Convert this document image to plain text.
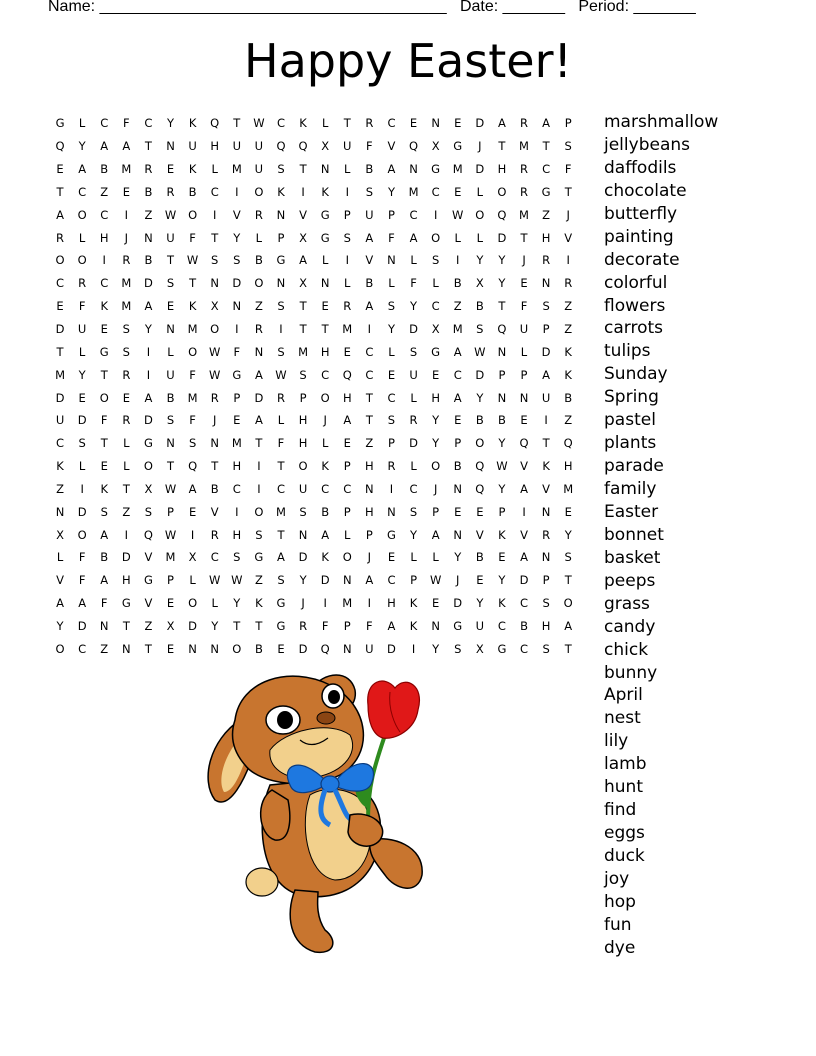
Name: _______________________________________ Date: _______ Period: _______
Happy Easter!
G	L	C	F	C	Y	K	Q	T	W	C	K	L	T	R	C	E	N	E	D	A	R	A	P
Q	Y	A	A	T	N	U	H	U	U	Q	Q	X	U	F	V	Q	X	G	J	T	M	T	S
E	A	B	M	R	E	K	L	M	U	S	T	N	L	B	A	N	G	M	D	H	R	C	F
T	C	Z	E	B	R	B	C	I	O	K	I	K	I	S	Y	M	C	E	L	O	R	G	T
A	O	C	I	Z	W	O	I	V	R	N	V	G	P	U	P	C	I	W	O	Q	M	Z	J
R	L	H	J	N	U	F	T	Y	L	P	X	G	S	A	F	A	O	L	L	D	T	H	V
O	O	I	R	B	T	W	S	S	B	G	A	L	I	V	N	L	S	I	Y	Y	J	R	I
C	R	C	M	D	S	T	N	D	O	N	X	N	L	B	L	F	L	B	X	Y	E	N	R
E	F	K	M	A	E	K	X	N	Z	S	T	E	R	A	S	Y	C	Z	B	T	F	S	Z
D	U	E	S	Y	N	M	O	I	R	I	T	T	M	I	Y	D	X	M	S	Q	U	P	Z
T	L	G	S	I	L	O	W	F	N	S	M	H	E	C	L	S	G	A	W	N	L	D	K
M	Y	T	R	I	U	F	W	G	A	W	S	C	Q	C	E	U	E	C	D	P	P	A	K
D	E	O	E	A	B	M	R	P	D	R	P	O	H	T	C	L	H	A	Y	N	N	U	B
U	D	F	R	D	S	F	J	E	A	L	H	J	A	T	S	R	Y	E	B	B	E	I	Z
C	S	T	L	G	N	S	N	M	T	F	H	L	E	Z	P	D	Y	P	O	Y	Q	T	Q
K	L	E	L	O	T	Q	T	H	I	T	O	K	P	H	R	L	O	B	Q	W	V	K	H
Z	I	K	T	X	W	A	B	C	I	C	U	C	C	N	I	C	J	N	Q	Y	A	V	M
N	D	S	Z	S	P	E	V	I	O	M	S	B	P	H	N	S	P	E	E	P	I	N	E
X	O	A	I	Q	W	I	R	H	S	T	N	A	L	P	G	Y	A	N	V	K	V	R	Y
L	F	B	D	V	M	X	C	S	G	A	D	K	O	J	E	L	L	Y	B	E	A	N	S
V	F	A	H	G	P	L	W W	Z	S	Y	D	N	A	C	P	W	J	E	Y	D	P	T
A	A	F	G	V	E	O	L	Y	K	G	J	I	M	I	H	K	E	D	Y	K	C	S	O
Y	D	N	T	Z	X	D	Y	T	T	G	R	F	P	F	A	K	N	G	U	C	B	H	A
O	C	Z	N	T	E	N	N	O	B	E	D	Q	N	U	D	I	Y	S	X	G	C	S	T
marshmallow
jellybeans
daffodils
chocolate
butterfly
painting
decorate
colorful
flowers
carrots
tulips
Sunday
Spring
pastel
plants
parade
family
Easter
bonnet
basket
peeps
grass
candy
chick
bunny
April
nest
lily
lamb
hunt
find
eggs
duck
joy
hop
fun
dye
